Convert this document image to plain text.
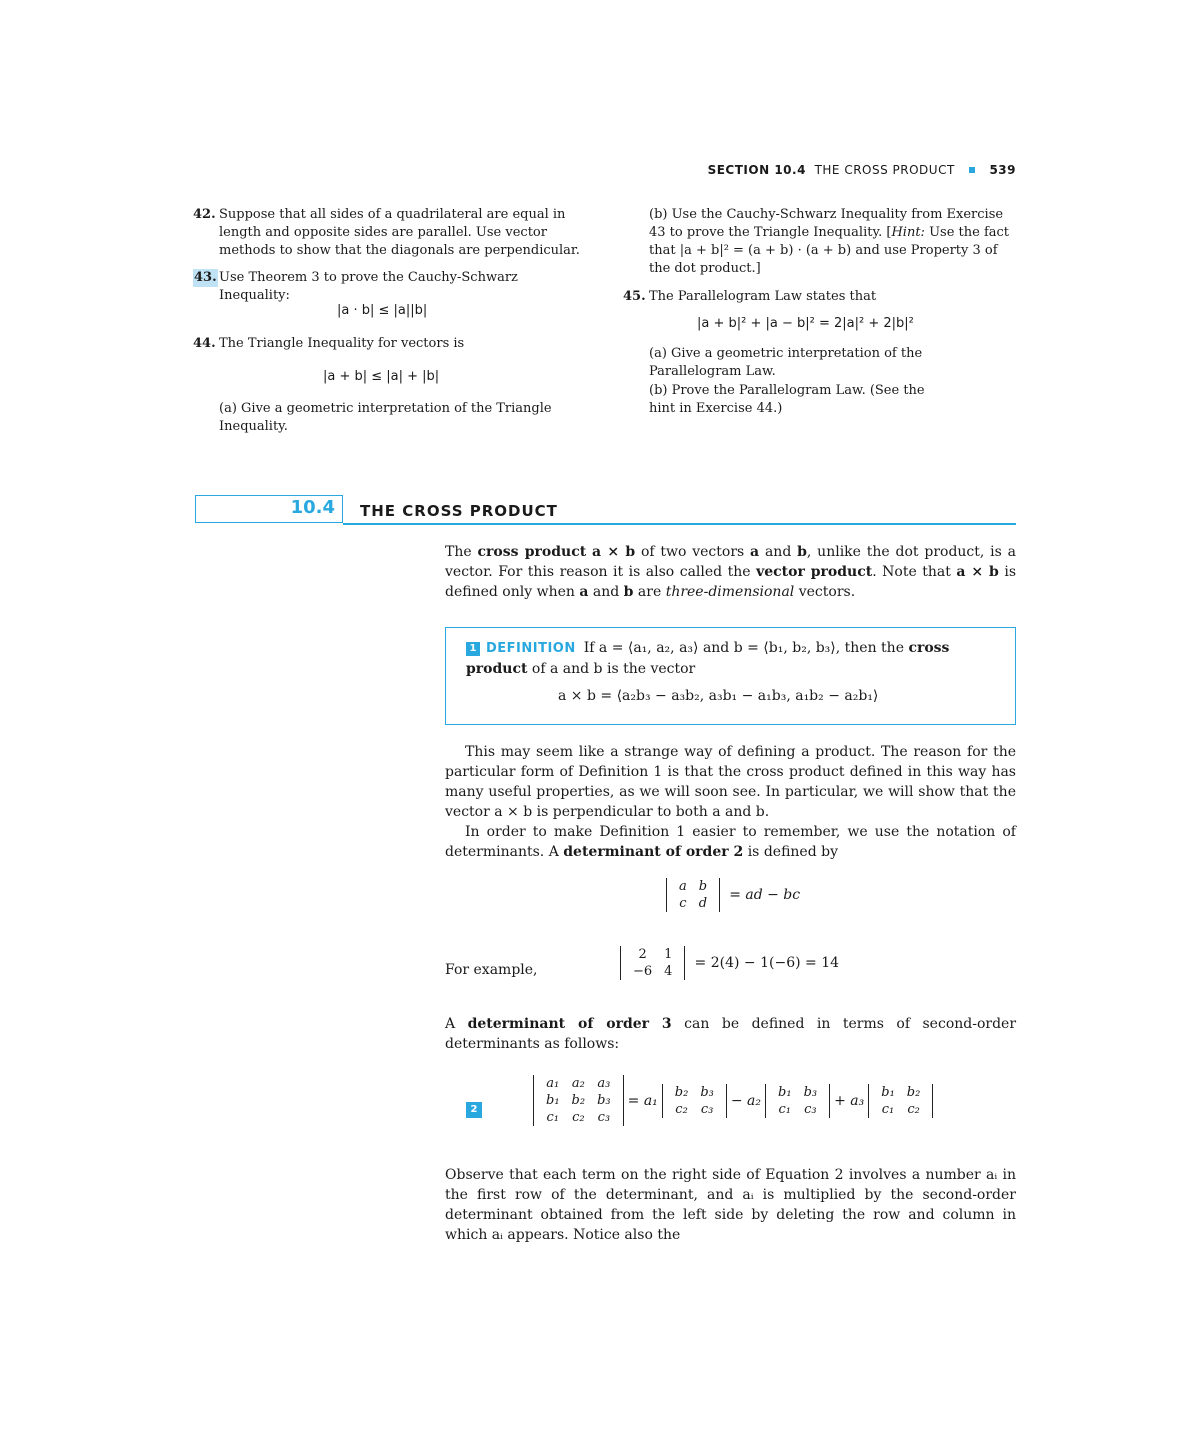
SECTION 10.4 THE CROSS PRODUCT	539
42. Suppose that all sides of a quadrilateral are equal in length and opposite sides are parallel. Use vector methods to show that the diagonals are perpendicular.
43. Use Theorem 3 to prove the Cauchy-Schwarz Inequality:
|a · b| ≤ |a||b|
44. The Triangle Inequality for vectors is
|a + b| ≤ |a| + |b|
(a) Give a geometric interpretation of the Triangle Inequality.
(b) Use the Cauchy-Schwarz Inequality from Exercise 43 to prove the Triangle Inequality. [Hint: Use the fact that |a + b|² = (a + b) · (a + b) and use Property 3 of the dot product.]
45. The Parallelogram Law states that
|a + b|² + |a − b|² = 2|a|² + 2|b|²
(a) Give a geometric interpretation of the Parallelogram Law.
(b) Prove the Parallelogram Law. (See the hint in Exercise 44.)
10.4 THE CROSS PRODUCT
The cross product a × b of two vectors a and b, unlike the dot product, is a vector. For this reason it is also called the vector product. Note that a × b is defined only when a and b are three-dimensional vectors.
1 DEFINITION If a = ⟨a₁, a₂, a₃⟩ and b = ⟨b₁, b₂, b₃⟩, then the cross product of a and b is the vector
a × b = ⟨a₂b₃ − a₃b₂, a₃b₁ − a₁b₃, a₁b₂ − a₂b₁⟩
This may seem like a strange way of defining a product. The reason for the particular form of Definition 1 is that the cross product defined in this way has many useful properties, as we will soon see. In particular, we will show that the vector a × b is perpendicular to both a and b.
In order to make Definition 1 easier to remember, we use the notation of determinants. A determinant of order 2 is defined by
a	b
c	d
= ad − bc
For example,
2	1
−6	4
= 2(4) − 1(−6) = 14
A determinant of order 3 can be defined in terms of second-order determinants as follows:
2
a₁	a₂	a₃
b₁	b₂	b₃
c₁	c₂	c₃
= a₁
b₂	b₃
c₂	c₃
− a₂
b₁	b₃
c₁	c₃
+ a₃
b₁	b₂
c₁	c₂
Observe that each term on the right side of Equation 2 involves a number aᵢ in the first row of the determinant, and aᵢ is multiplied by the second-order determinant obtained from the left side by deleting the row and column in which aᵢ appears. Notice also the
